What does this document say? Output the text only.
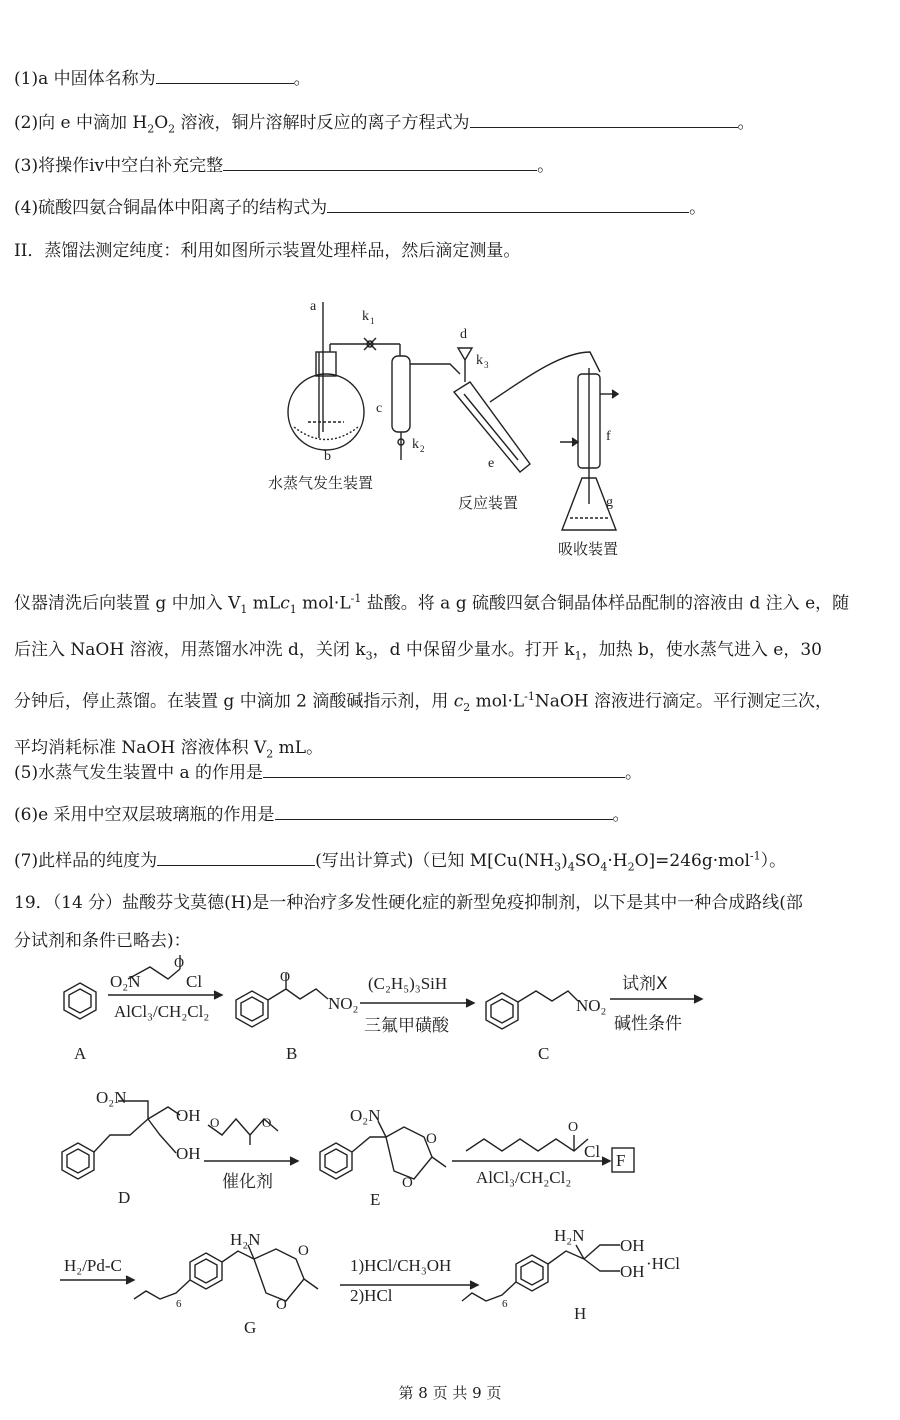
(1)a 中固体名称为	。
(2)向 e 中滴加 $H_2O_2$ 溶液，铜片溶解时反应的离子方程式为	。
(3)将操作iv中空白补充完整	。
(4)硫酸四氨合铜晶体中阳离子的结构式为	。
II．蒸馏法测定纯度：利用如图所示装置处理样品，然后滴定测量。
a
b
c
d
e
f
g
k 1
k 2
k 3
水蒸气发生装置
反应装置
吸收装置

仪器清洗后向装置 g 中加入 $V_1$ mLc$_1$ $mol\cdot L^{-1}$ 盐酸。将 a g 硫酸四氨合铜晶体样品配制的溶液由 d 注入 e，随

后注入 NaOH 溶液，用蒸馏水冲洗 d，关闭 $k_3$，d 中保留少量水。打开 $k_1$，加热 b，使水蒸气进入 e，30

分钟后，停止蒸馏。在装置 g 中滴加 2 滴酸碱指示剂，用 $c_2$ $mol\cdot L^{-1}NaOH$ 溶液进行滴定。平行测定三次，

平均消耗标准 NaOH 溶液体积 $V_2$ mL。

(5)水蒸气发生装置中 a 的作用是	。
(6)e 采用中空双层玻璃瓶的作用是	。
(7)此样品的纯度为	(写出计算式)（已知 $M[Cu(NH_3)_4SO_4\cdot H_2O]=246g\cdot mol^{-1}$）。
19．（14 分）盐酸芬戈莫德(H)是一种治疗多发性硬化症的新型免疫抑制剂，以下是其中一种合成路线(部
分试剂和条件已略去)：
O₂N
O
Cl
AlCl₃/CH₂Cl₂
A
O
NO₂
B
(C₂H₅)₃SiH
三氟甲磺酸
NO₂
C
试剂X
碱性条件
O₂N
OH
OH
D
O	O
催化剂
O₂N
O
O
E
O
Cl
AlCl₃/CH₂Cl₂
F
H₂/Pd-C
H₂N
O
O
6
G
1)HCl/CH₃OH
2)HCl
H₂N
OH
OH ·HCl
6	H
第 8 页 共 9 页
